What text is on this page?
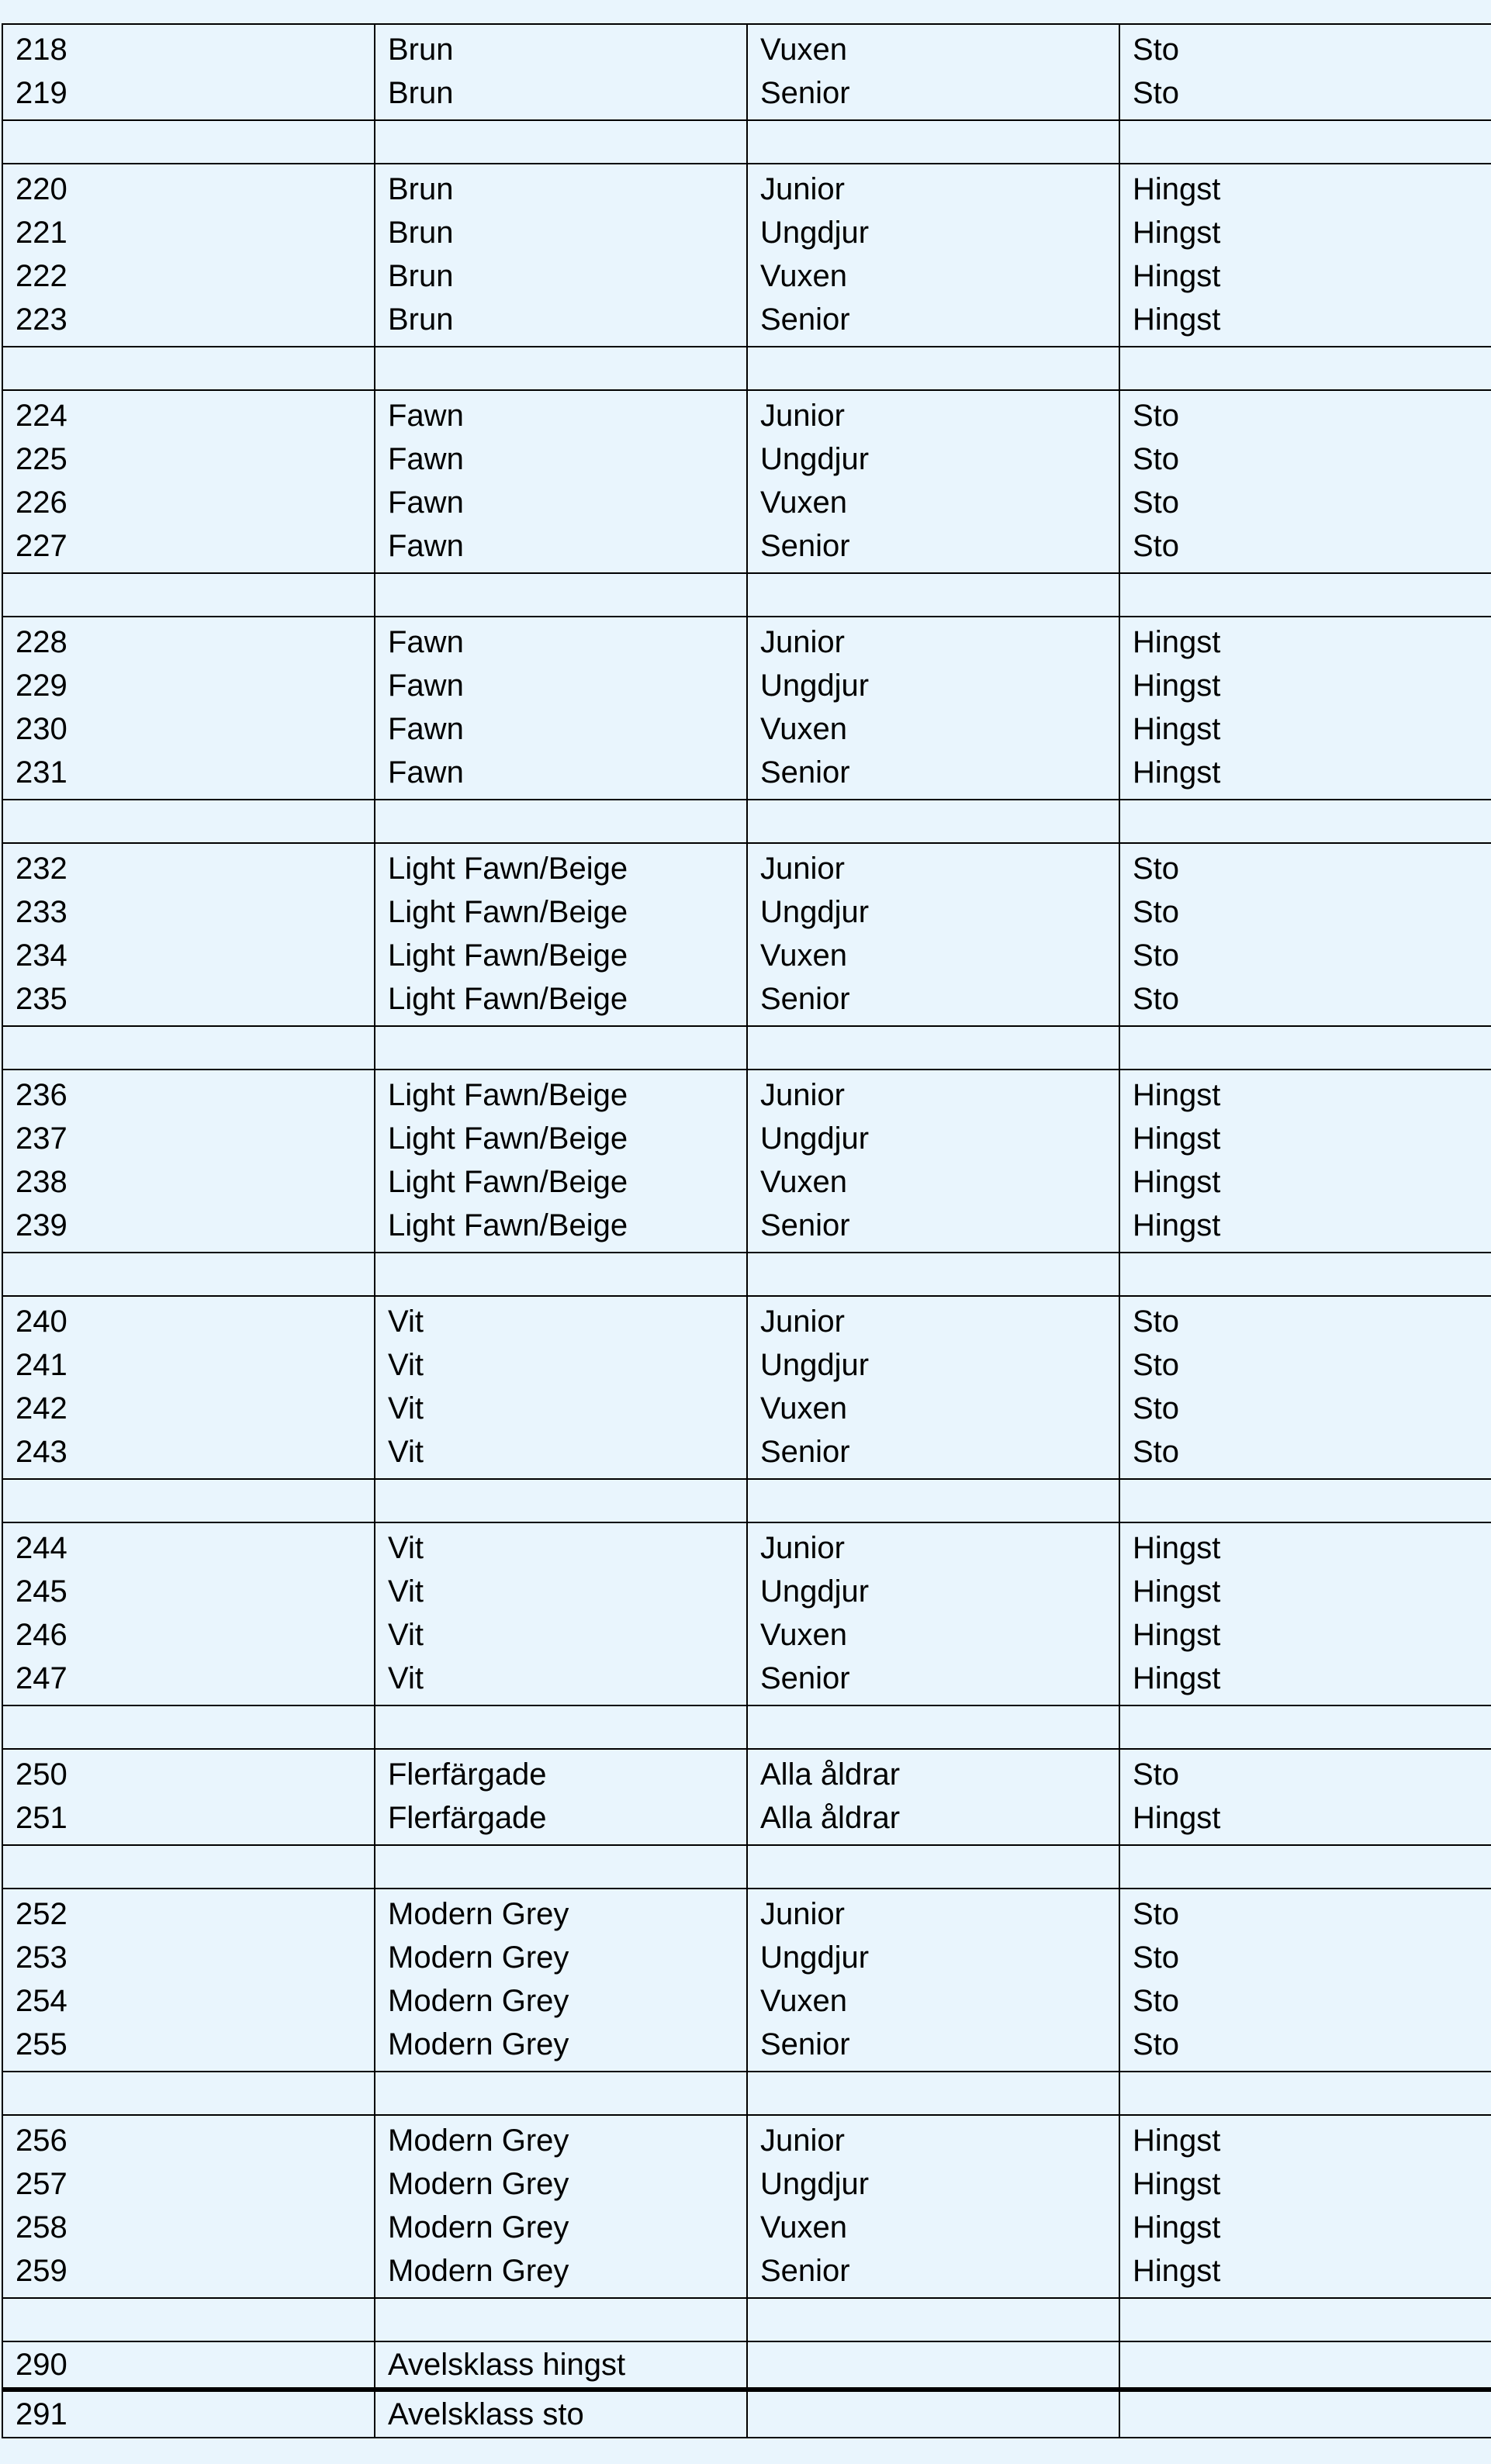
218
219
Brun
Brun
Vuxen
Senior
Sto
Sto
220
221
222
223
Brun
Brun
Brun
Brun
Junior
Ungdjur
Vuxen
Senior
Hingst
Hingst
Hingst
Hingst
224
225
226
227
Fawn
Fawn
Fawn
Fawn
Junior
Ungdjur
Vuxen
Senior
Sto
Sto
Sto
Sto
228
229
230
231
Fawn
Fawn
Fawn
Fawn
Junior
Ungdjur
Vuxen
Senior
Hingst
Hingst
Hingst
Hingst
232
233
234
235
Light Fawn/Beige
Light Fawn/Beige
Light Fawn/Beige
Light Fawn/Beige
Junior
Ungdjur
Vuxen
Senior
Sto
Sto
Sto
Sto
236
237
238
239
Light Fawn/Beige
Light Fawn/Beige
Light Fawn/Beige
Light Fawn/Beige
Junior
Ungdjur
Vuxen
Senior
Hingst
Hingst
Hingst
Hingst
240
241
242
243
Vit
Vit
Vit
Vit
Junior
Ungdjur
Vuxen
Senior
Sto
Sto
Sto
Sto
244
245
246
247
Vit
Vit
Vit
Vit
Junior
Ungdjur
Vuxen
Senior
Hingst
Hingst
Hingst
Hingst
250
251
Flerfärgade
Flerfärgade
Alla åldrar
Alla åldrar
Sto
Hingst
252
253
254
255
Modern Grey
Modern Grey
Modern Grey
Modern Grey
Junior
Ungdjur
Vuxen
Senior
Sto
Sto
Sto
Sto
256
257
258
259
Modern Grey
Modern Grey
Modern Grey
Modern Grey
Junior
Ungdjur
Vuxen
Senior
Hingst
Hingst
Hingst
Hingst
290	Avelsklass hingst
291	Avelsklass sto
